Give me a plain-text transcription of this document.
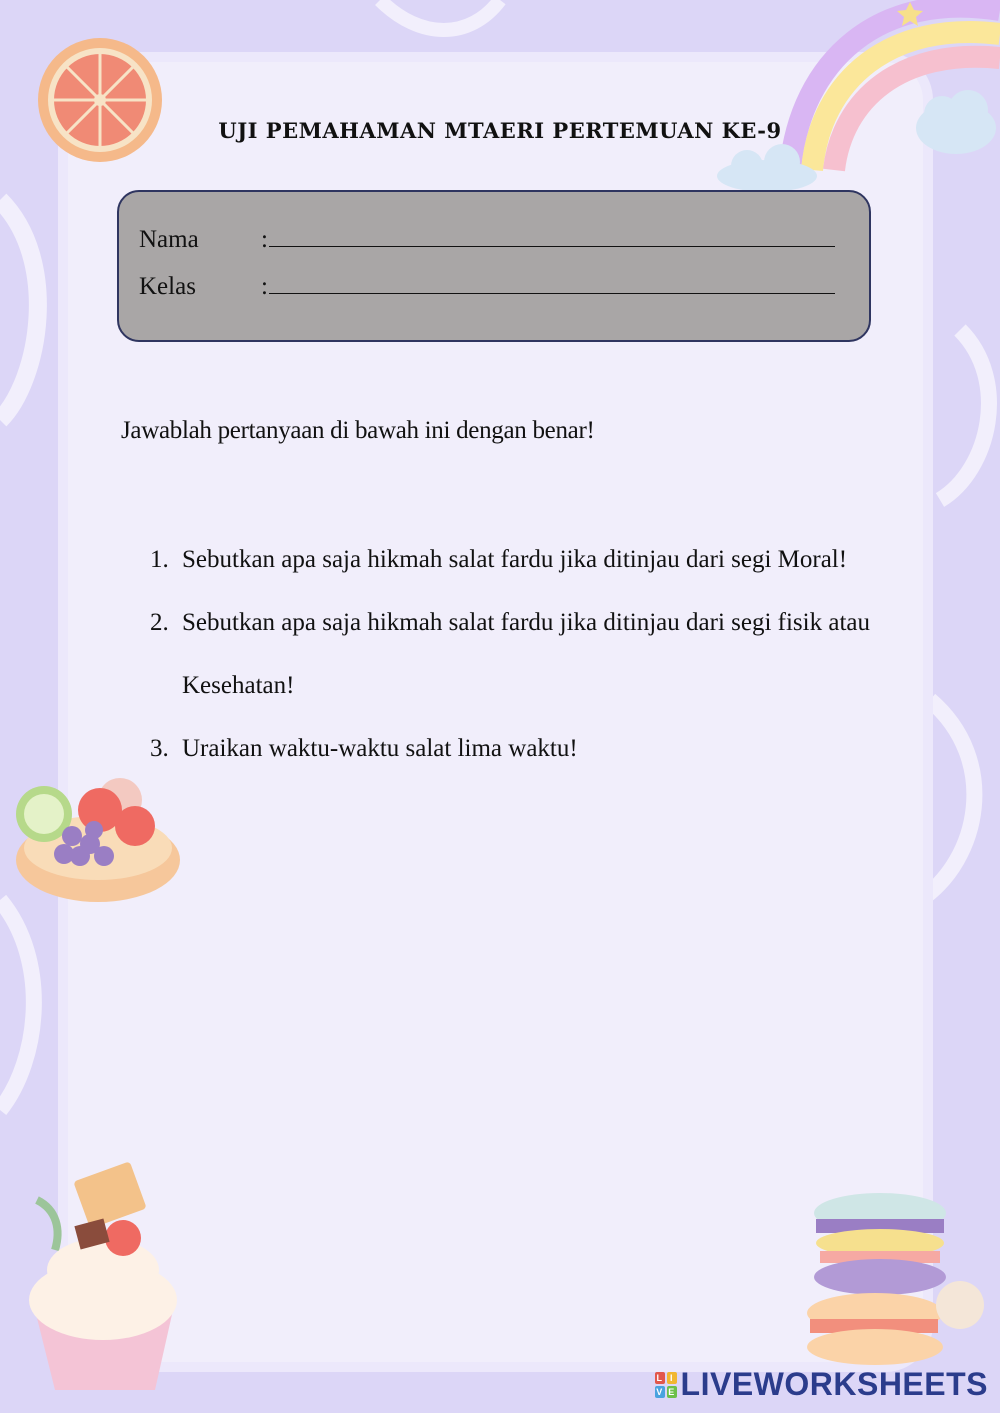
UJI PEMAHAMAN MTAERI PERTEMUAN KE-9
Nama :
Kelas	:
Jawablah pertanyaan di bawah ini dengan benar!
1. Sebutkan apa saja hikmah salat fardu jika ditinjau dari segi Moral!
2. Sebutkan apa saja hikmah salat fardu jika ditinjau dari segi fisik atau Kesehatan!
3. Uraikan waktu-waktu salat lima waktu!
L I
V E LIVEWORKSHEETS
